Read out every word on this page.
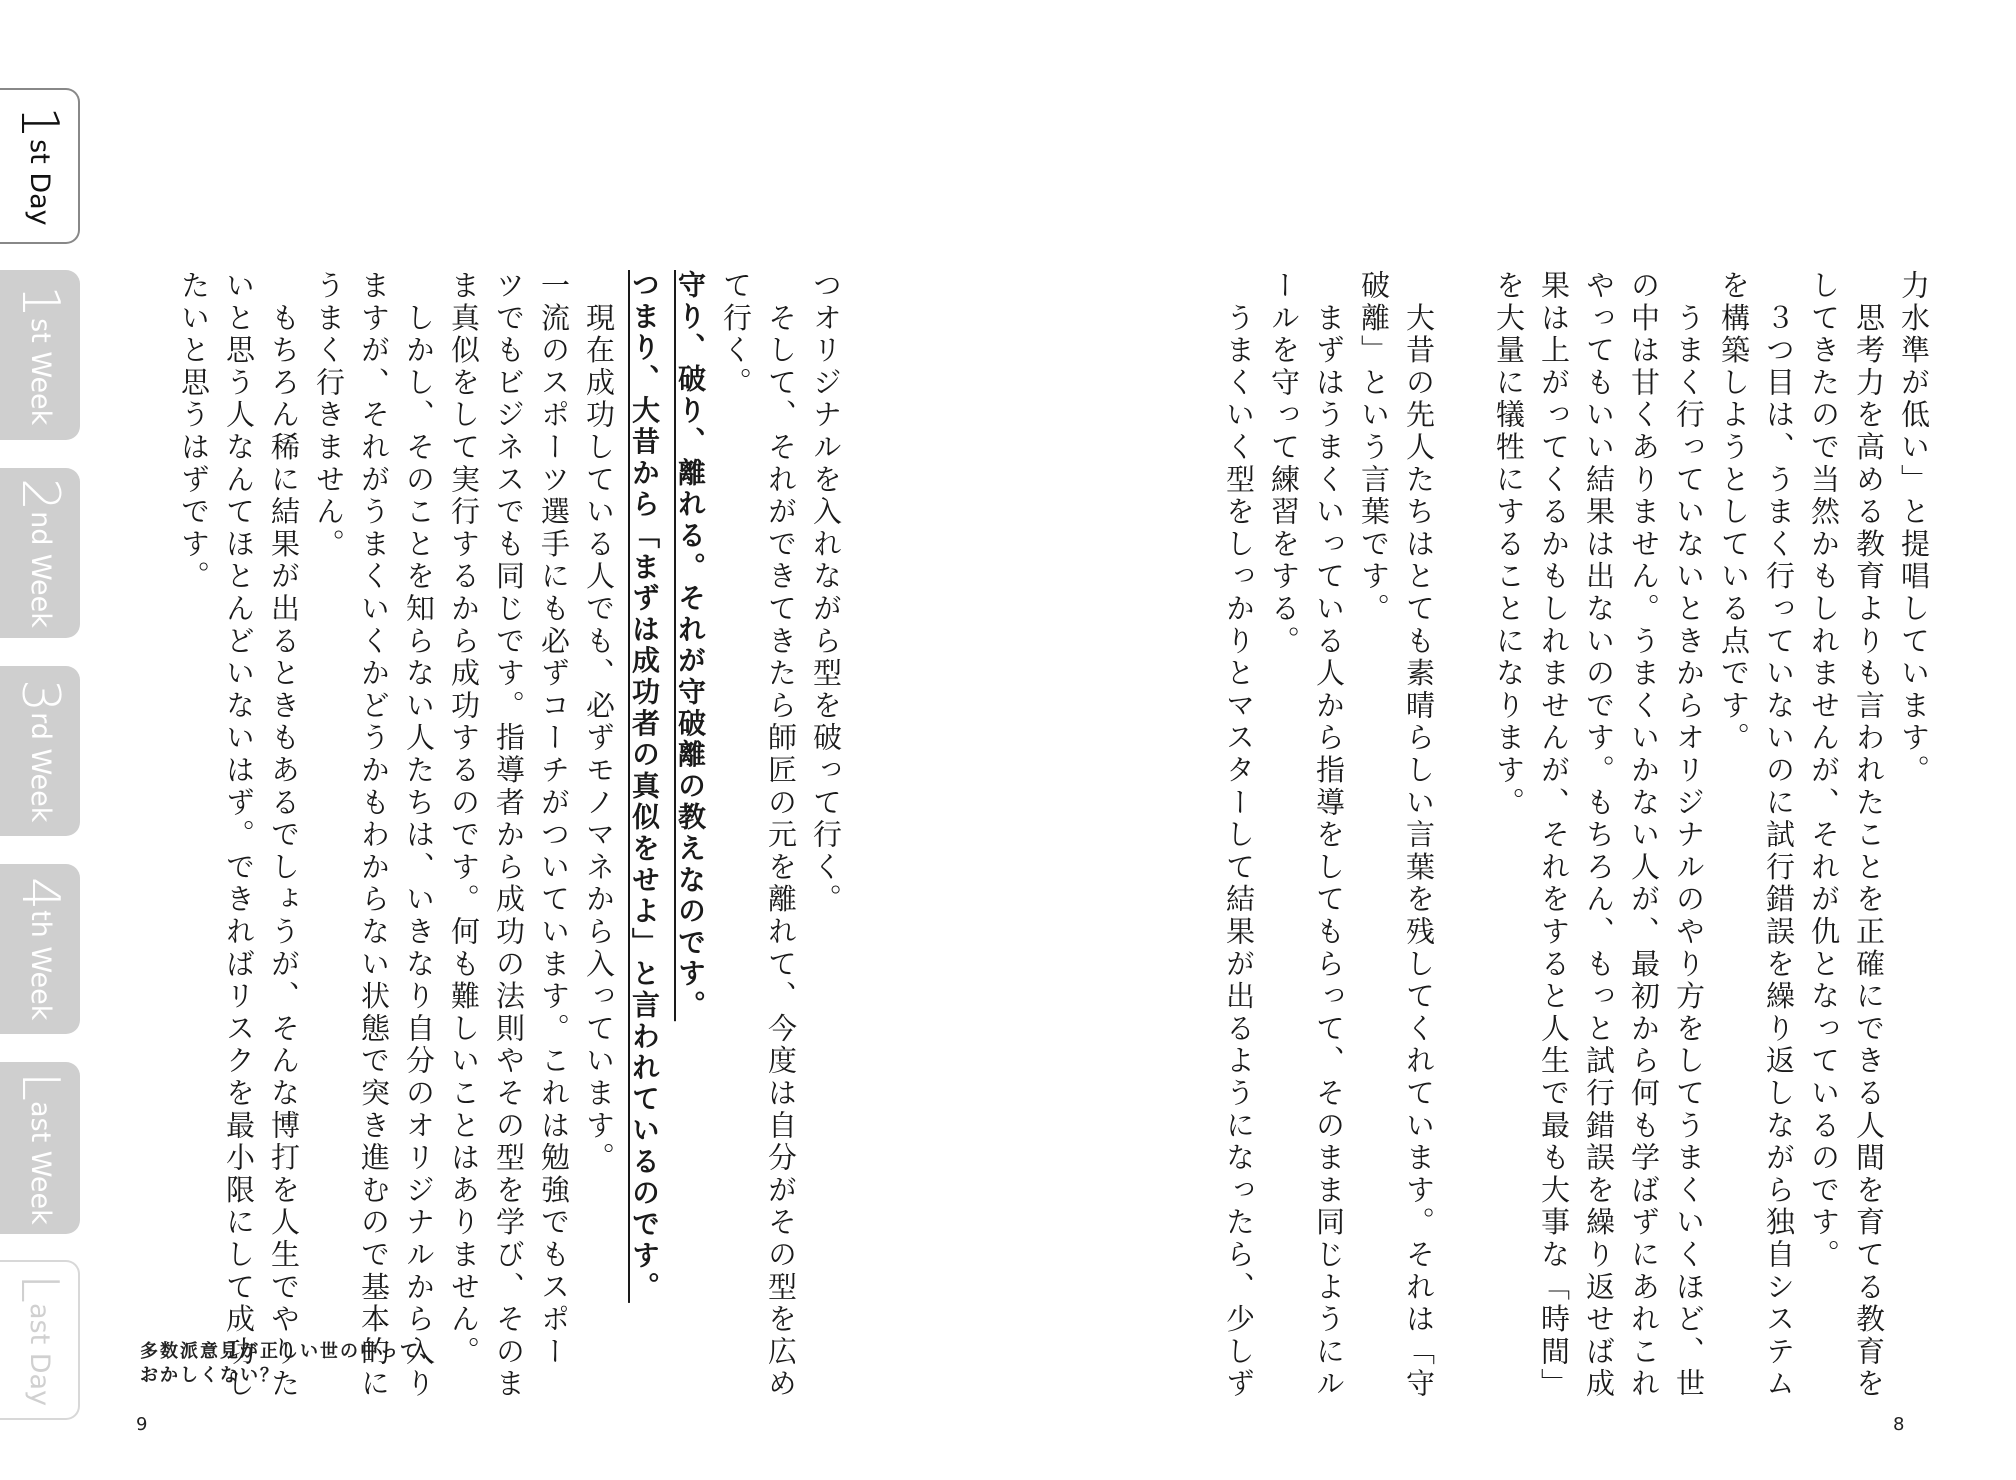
1st Day
1st Week
2nd Week
3rd Week
4th Week
Last Week
Last Day
力水準が低い」と提唱しています。
　思考力を高める教育よりも言われたことを正確にできる人間を育てる教育を
してきたので当然かもしれませんが、それが仇となっているのです。
　３つ目は、うまく行っていないのに試行錯誤を繰り返しながら独自システム
を構築しようとしている点です。
　うまく行っていないときからオリジナルのやり方をしてうまくいくほど、世
の中は甘くありません。うまくいかない人が、最初から何も学ばずにあれこれ
やってもいい結果は出ないのです。もちろん、もっと試行錯誤を繰り返せば成
果は上がってくるかもしれませんが、それをすると人生で最も大事な「時間」
を大量に犠牲にすることになります。

　大昔の先人たちはとても素晴らしい言葉を残してくれています。それは「守
破離」という言葉です。
　まずはうまくいっている人から指導をしてもらって、そのまま同じようにル
ールを守って練習をする。
　うまくいく型をしっかりとマスターして結果が出るようになったら、少しず
つオリジナルを入れながら型を破って行く。
　そして、それができてきたら師匠の元を離れて、今度は自分がその型を広め
て行く。
守り、破り、離れる。それが守破離の教えなのです。
つまり、大昔から「まずは成功者の真似をせよ」と言われているのです。
　現在成功している人でも、必ずモノマネから入っています。
一流のスポーツ選手にも必ずコーチがついています。これは勉強でもスポー
ツでもビジネスでも同じです。指導者から成功の法則やその型を学び、そのま
ま真似をして実行するから成功するのです。何も難しいことはありません。
　しかし、そのことを知らない人たちは、いきなり自分のオリジナルから入り
ますが、それがうまくいくかどうかもわからない状態で突き進むので基本的に
うまく行きません。
　もちろん稀に結果が出るときもあるでしょうが、そんな博打を人生でやりた
いと思う人なんてほとんどいないはず。できればリスクを最小限にして成功し
たいと思うはずです。
多数派意見が正しい世の中って、
おかしくない？
9	8
